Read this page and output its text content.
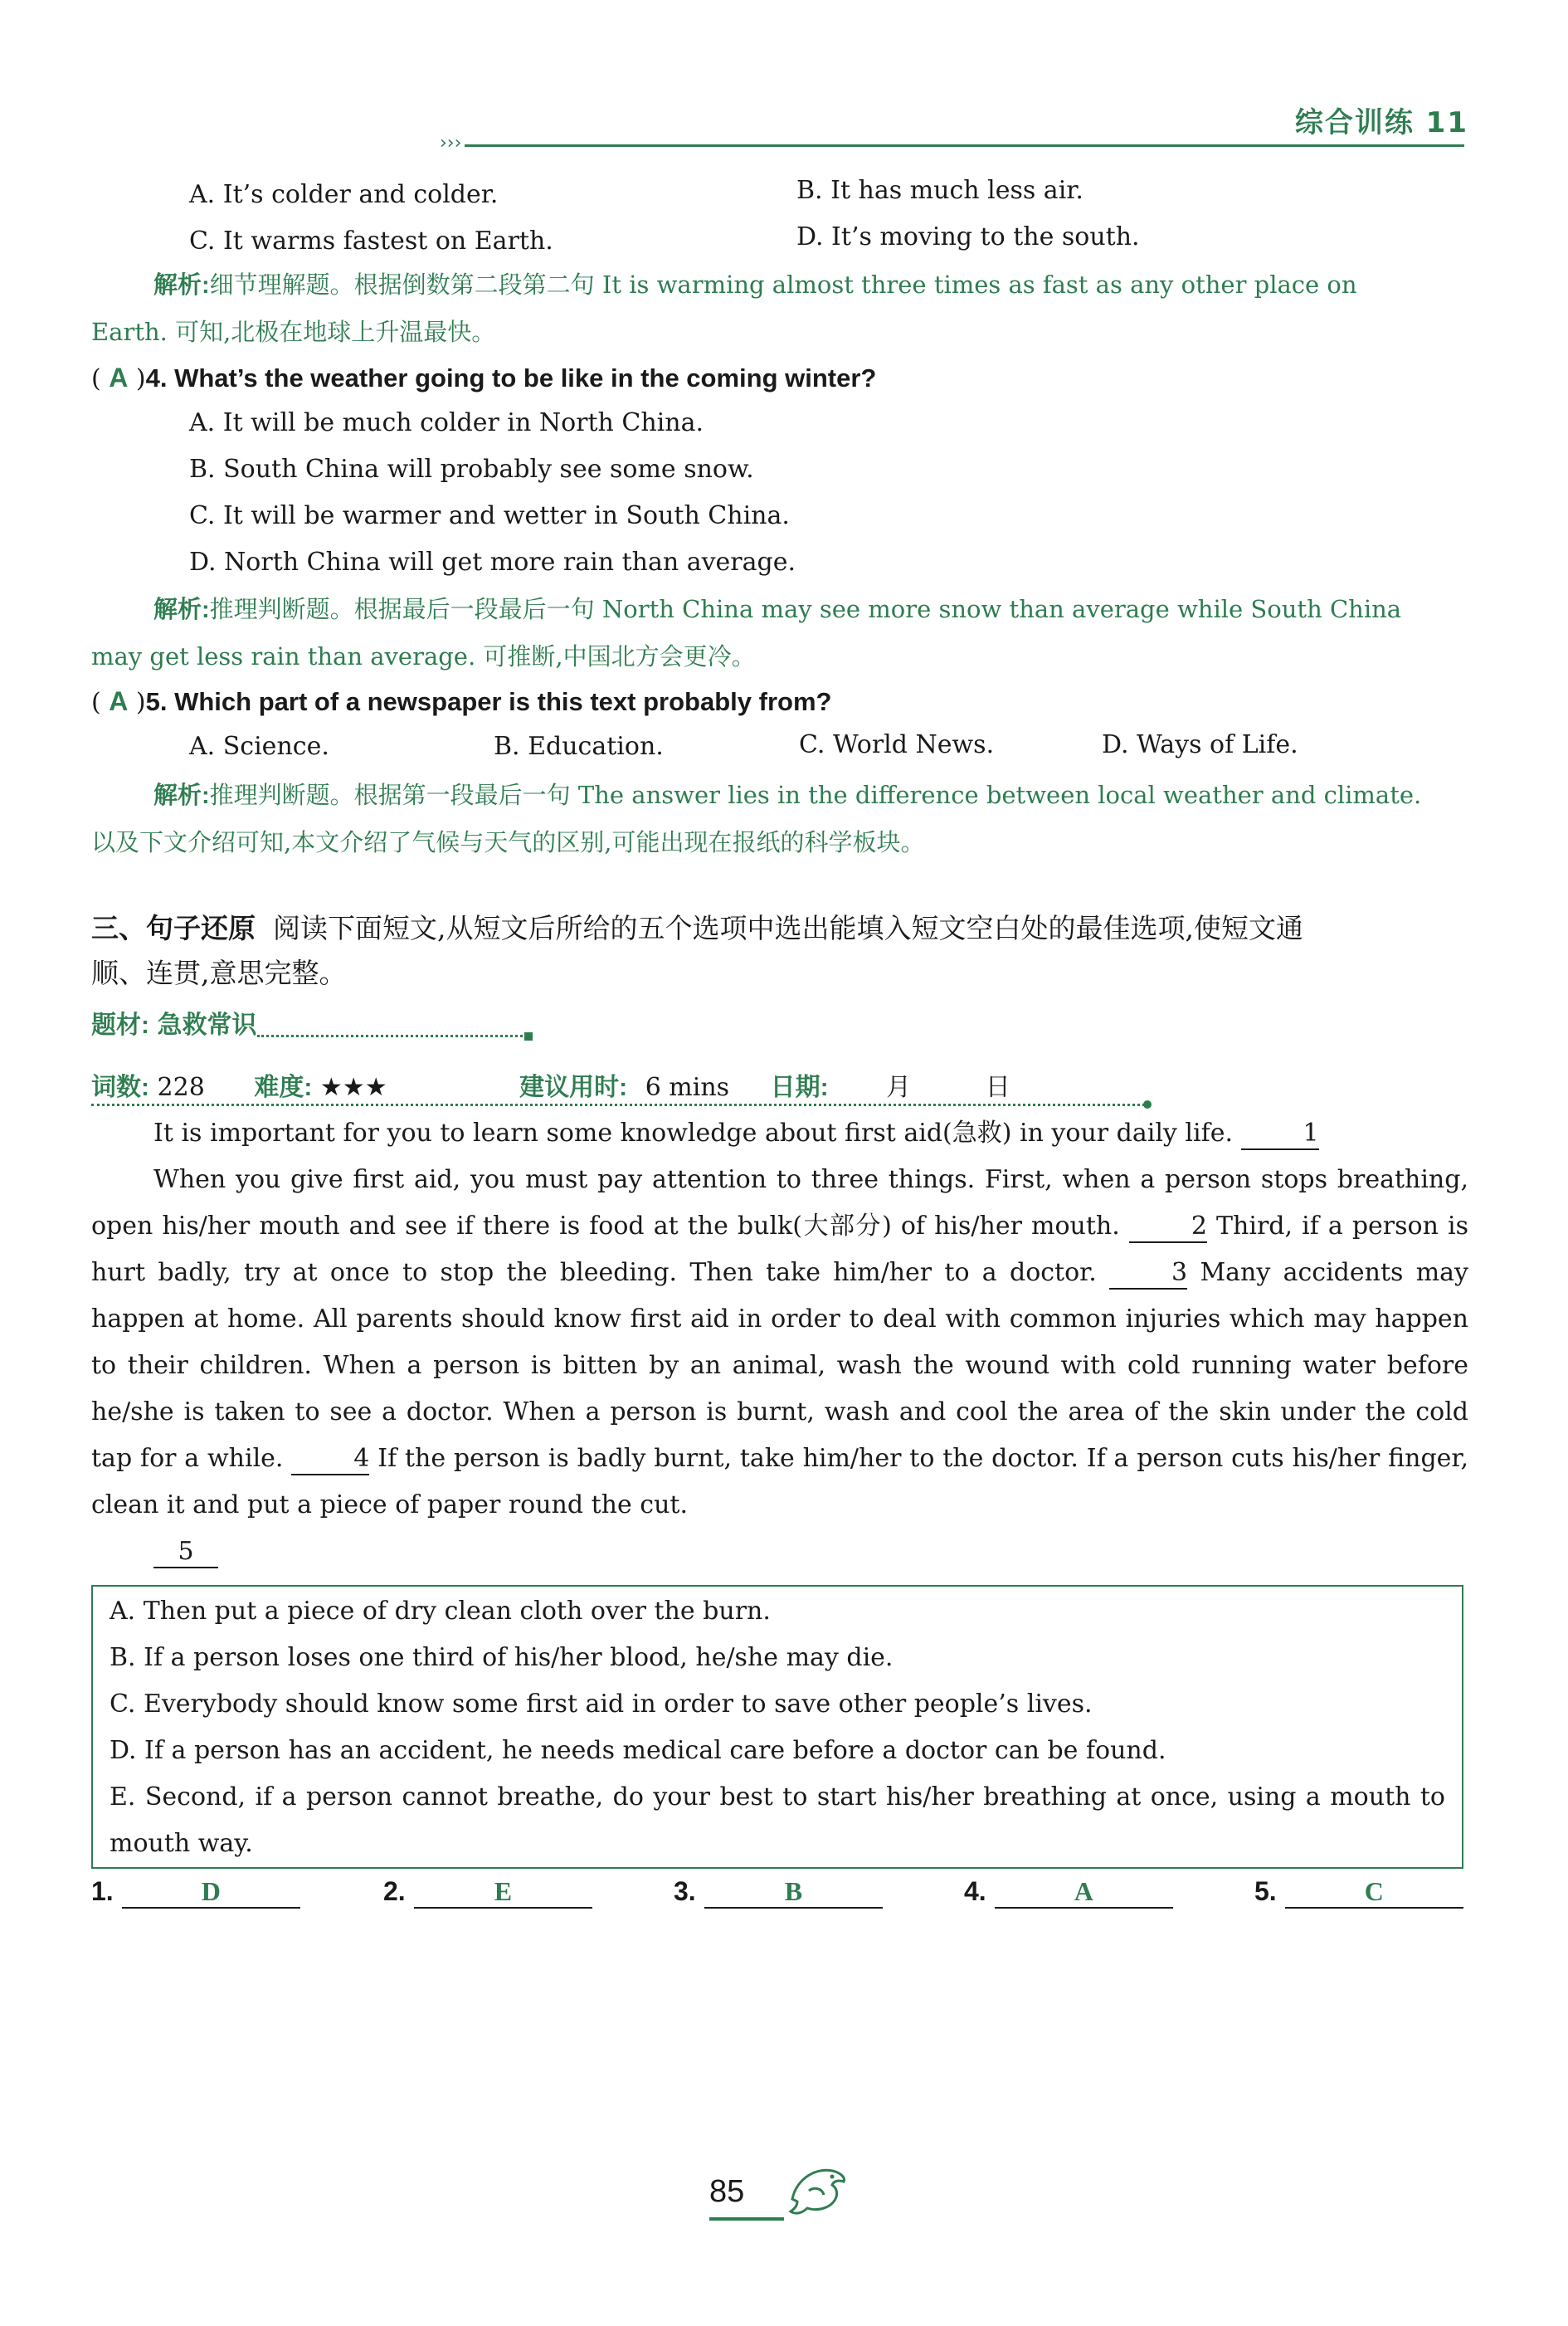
›››
综合训练 11
A. It’s colder and colder.	B. It has much less air.
C. It warms fastest on Earth.	D. It’s moving to the south.
解析:细节理解题。根据倒数第二段第二句 It is warming almost three times as fast as any other place on
Earth. 可知,北极在地球上升温最快。
( A )4. What’s the weather going to be like in the coming winter?
A. It will be much colder in North China.
B. South China will probably see some snow.
C. It will be warmer and wetter in South China.
D. North China will get more rain than average.
解析:推理判断题。根据最后一段最后一句 North China may see more snow than average while South China
may get less rain than average. 可推断,中国北方会更冷。
( A )5. Which part of a newspaper is this text probably from?
A. Science.	B. Education.	C. World News.	D. Ways of Life.
解析:推理判断题。根据第一段最后一句 The answer lies in the difference between local weather and climate.
以及下文介绍可知,本文介绍了气候与天气的区别,可能出现在报纸的科学板块。
三、句子还原 阅读下面短文,从短文后所给的五个选项中选出能填入短文空白处的最佳选项,使短文通
顺、连贯,意思完整。
题材: 急救常识
词数: 228 难度: ★★★	建议用时: 6 mins 日期: 月	日

It is important for you to learn some knowledge about first aid(急救) in your daily life.	1

When you give first aid, you must pay attention to three things. First, when a person stops breathing, open his/her mouth and see if there is food at the bulk(大部分) of his/her mouth.	2 Third, if a person is hurt badly, try at once to stop the bleeding. Then take him/her to a doctor.	3 Many accidents may happen at home. All parents should know first aid in order to deal with common injuries which may happen to their children. When a person is bitten by an animal, wash the wound with cold running water before he/she is taken to see a doctor. When a person is burnt, wash and cool the area of the skin under the cold tap for a while.	4 If the person is badly burnt, take him/her to the doctor. If a person cuts his/her finger, clean it and put a piece of paper round the cut.

5

A. Then put a piece of dry clean cloth over the burn.
B. If a person loses one third of his/her blood, he/she may die.
C. Everybody should know some first aid in order to save other people’s lives.
D. If a person has an accident, he needs medical care before a doctor can be found.
E. Second, if a person cannot breathe, do your best to start his/her breathing at once, using a mouth to mouth way.
1.	D	2.	E	3.	B	4.	A	5.	C
85
